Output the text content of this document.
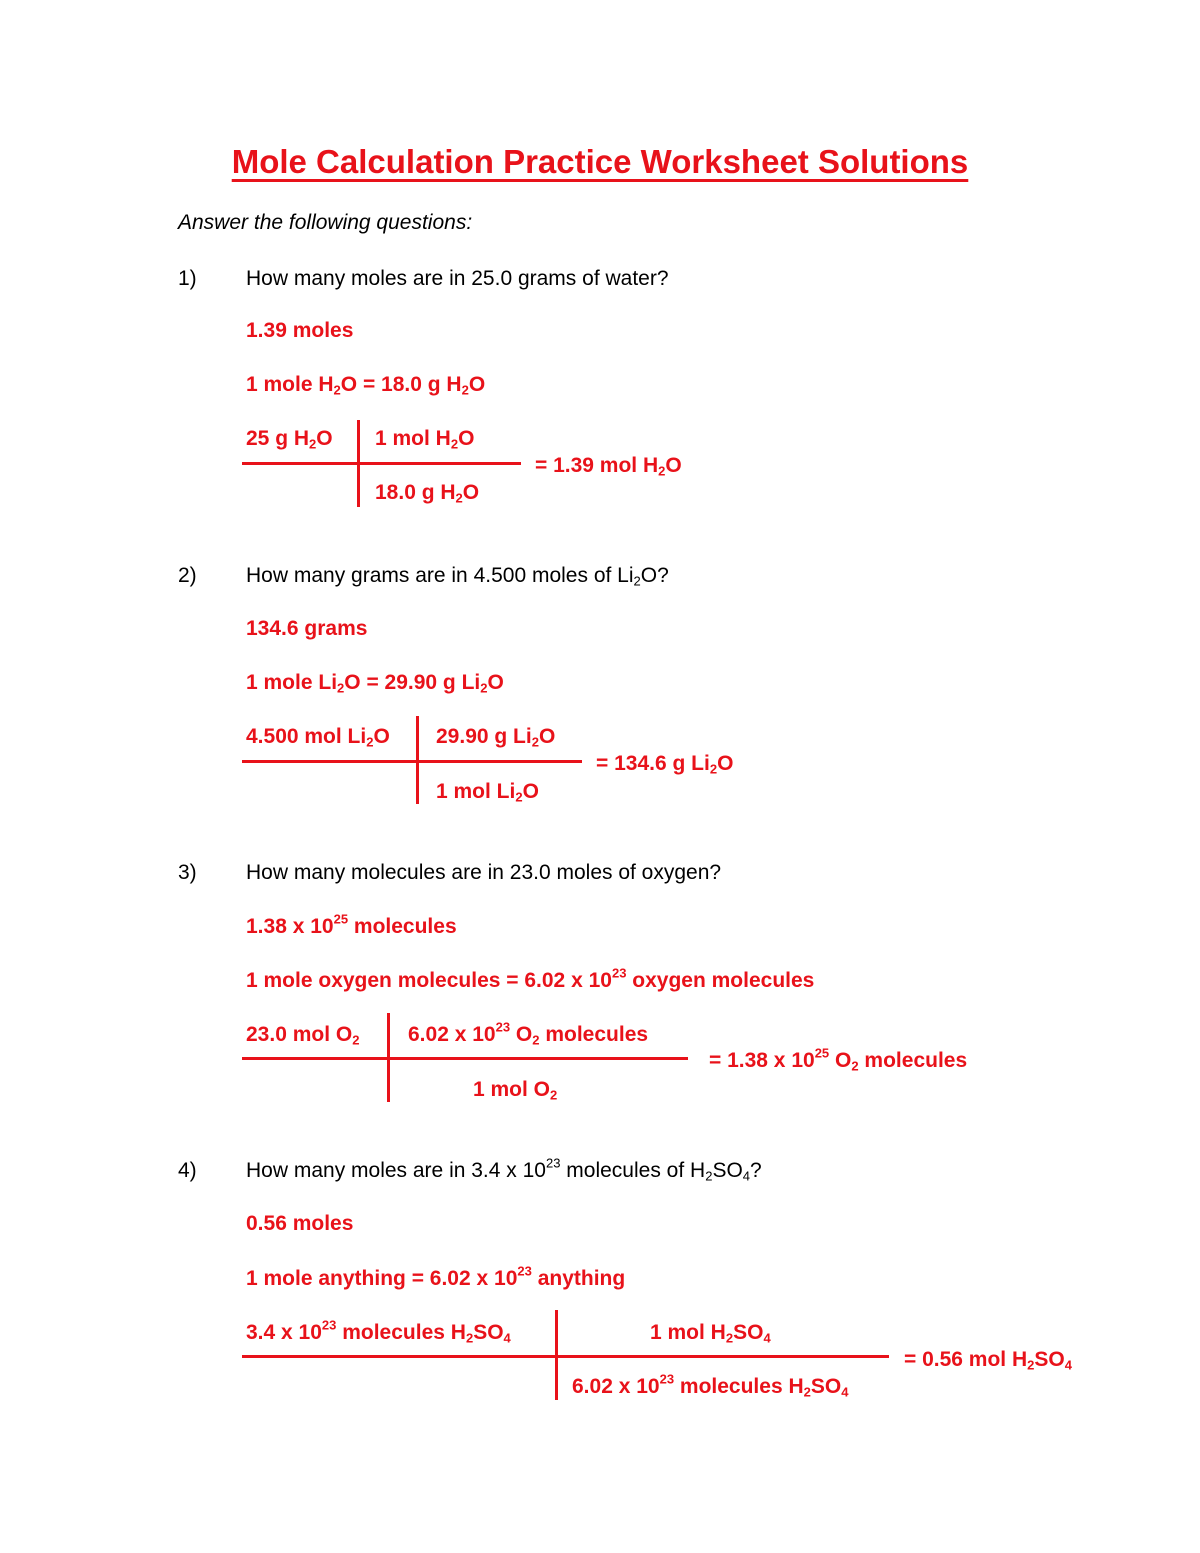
Mole Calculation Practice Worksheet Solutions
Answer the following questions:
1) How many moles are in 25.0 grams of water?
1.39 moles
1 mole $H_2O = 18.0$ g $H_2O$
25 g $H_2O$ 1 mol $H_2O$
18.0 g $H_2O$
= 1.39 mol $H_2O$
2) How many grams are in 4.500 moles of $Li_2O$?
134.6 grams
1 mole $Li_2O = 29.90$ g $Li_2O$
4.500 mol $Li_2O$ 29.90 g $Li_2O$
1 mol $Li_2O$
= 134.6 g $Li_2O$
3) How many molecules are in 23.0 moles of oxygen?
1.38 x $10^{25}$ molecules
1 mole oxygen molecules = 6.02 x $10^{23}$ oxygen molecules
23.0 mol $O_2$ 6.02 x $10^{23}$ $O_2$ molecules
1 mol $O_2$
= 1.38 x $10^{25}$ $O_2$ molecules
4) How many moles are in 3.4 x $10^{23}$ molecules of $H_2SO_4$?
0.56 moles
1 mole anything = 6.02 x $10^{23}$ anything
3.4 x $10^{23}$ molecules $H_2SO_4$	1 mol $H_2SO_4$
6.02 x $10^{23}$ molecules $H_2SO_4$
= 0.56 mol $H_2SO_4$
